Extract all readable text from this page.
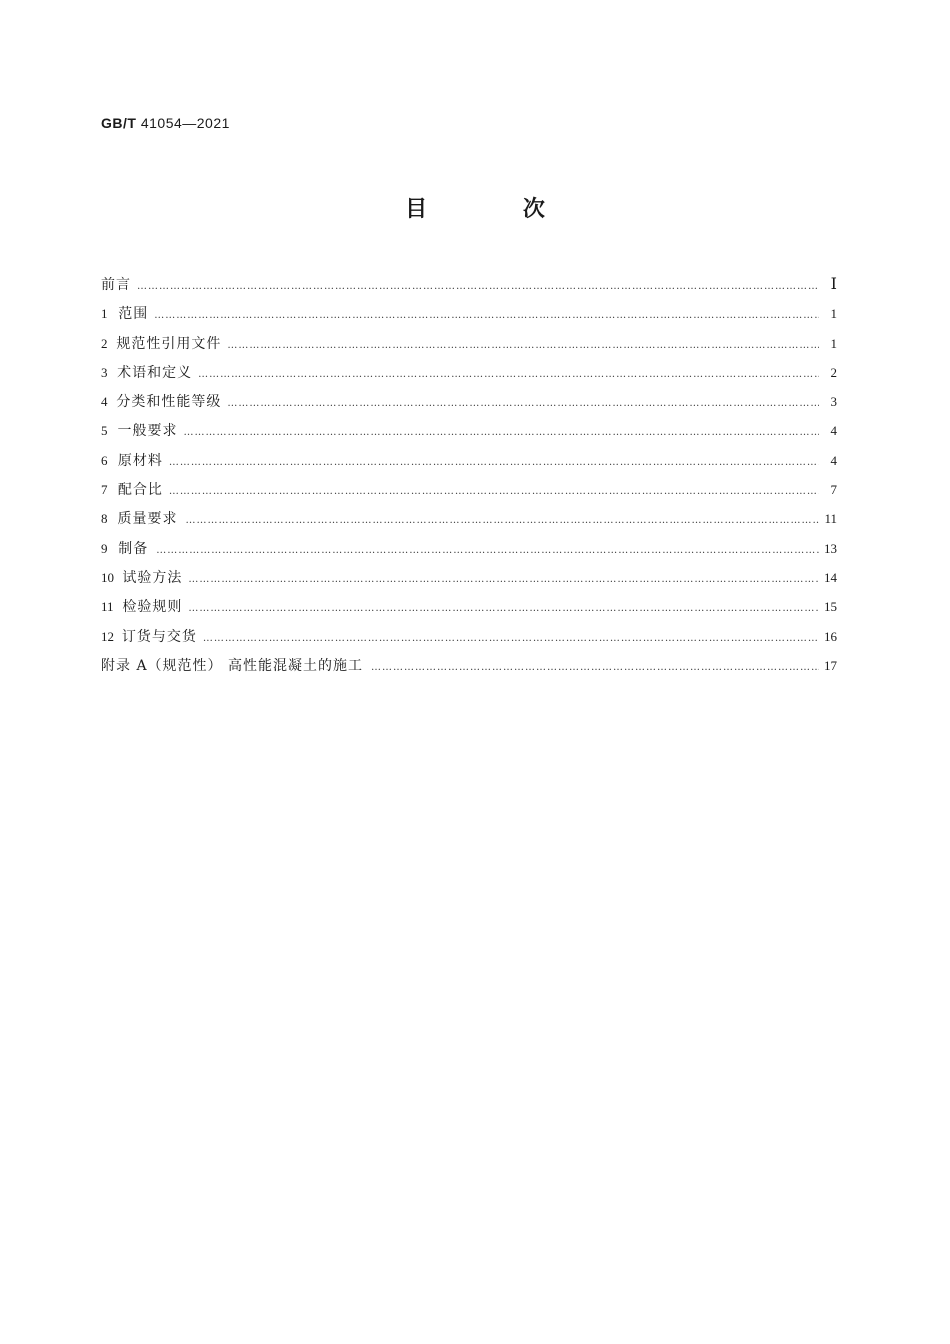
GB/T 41054—2021
目 次
前言 …………………………………………………………………………………………………………………………………………………………………………………………………………………………………………………	Ⅰ
1 范围 …………………………………………………………………………………………………………………………………………………………………………………………………………………………………………………	1
2 规范性引用文件 …………………………………………………………………………………………………………………………………………………………………………………………………………………………………………………	1
3 术语和定义 …………………………………………………………………………………………………………………………………………………………………………………………………………………………………………………	2
4 分类和性能等级 …………………………………………………………………………………………………………………………………………………………………………………………………………………………………………………	3
5 一般要求 …………………………………………………………………………………………………………………………………………………………………………………………………………………………………………………	4
6 原材料 …………………………………………………………………………………………………………………………………………………………………………………………………………………………………………………	4
7 配合比 …………………………………………………………………………………………………………………………………………………………………………………………………………………………………………………	7
8 质量要求 …………………………………………………………………………………………………………………………………………………………………………………………………………………………………………………	11
9 制备 …………………………………………………………………………………………………………………………………………………………………………………………………………………………………………………	13
10 试验方法 …………………………………………………………………………………………………………………………………………………………………………………………………………………………………………………	14
11 检验规则 …………………………………………………………………………………………………………………………………………………………………………………………………………………………………………………	15
12 订货与交货 …………………………………………………………………………………………………………………………………………………………………………………………………………………………………………………	16
附录 A（规范性） 高性能混凝土的施工 …………………………………………………………………………………………………………………………………………………………………………………………………………………………………………………	17
